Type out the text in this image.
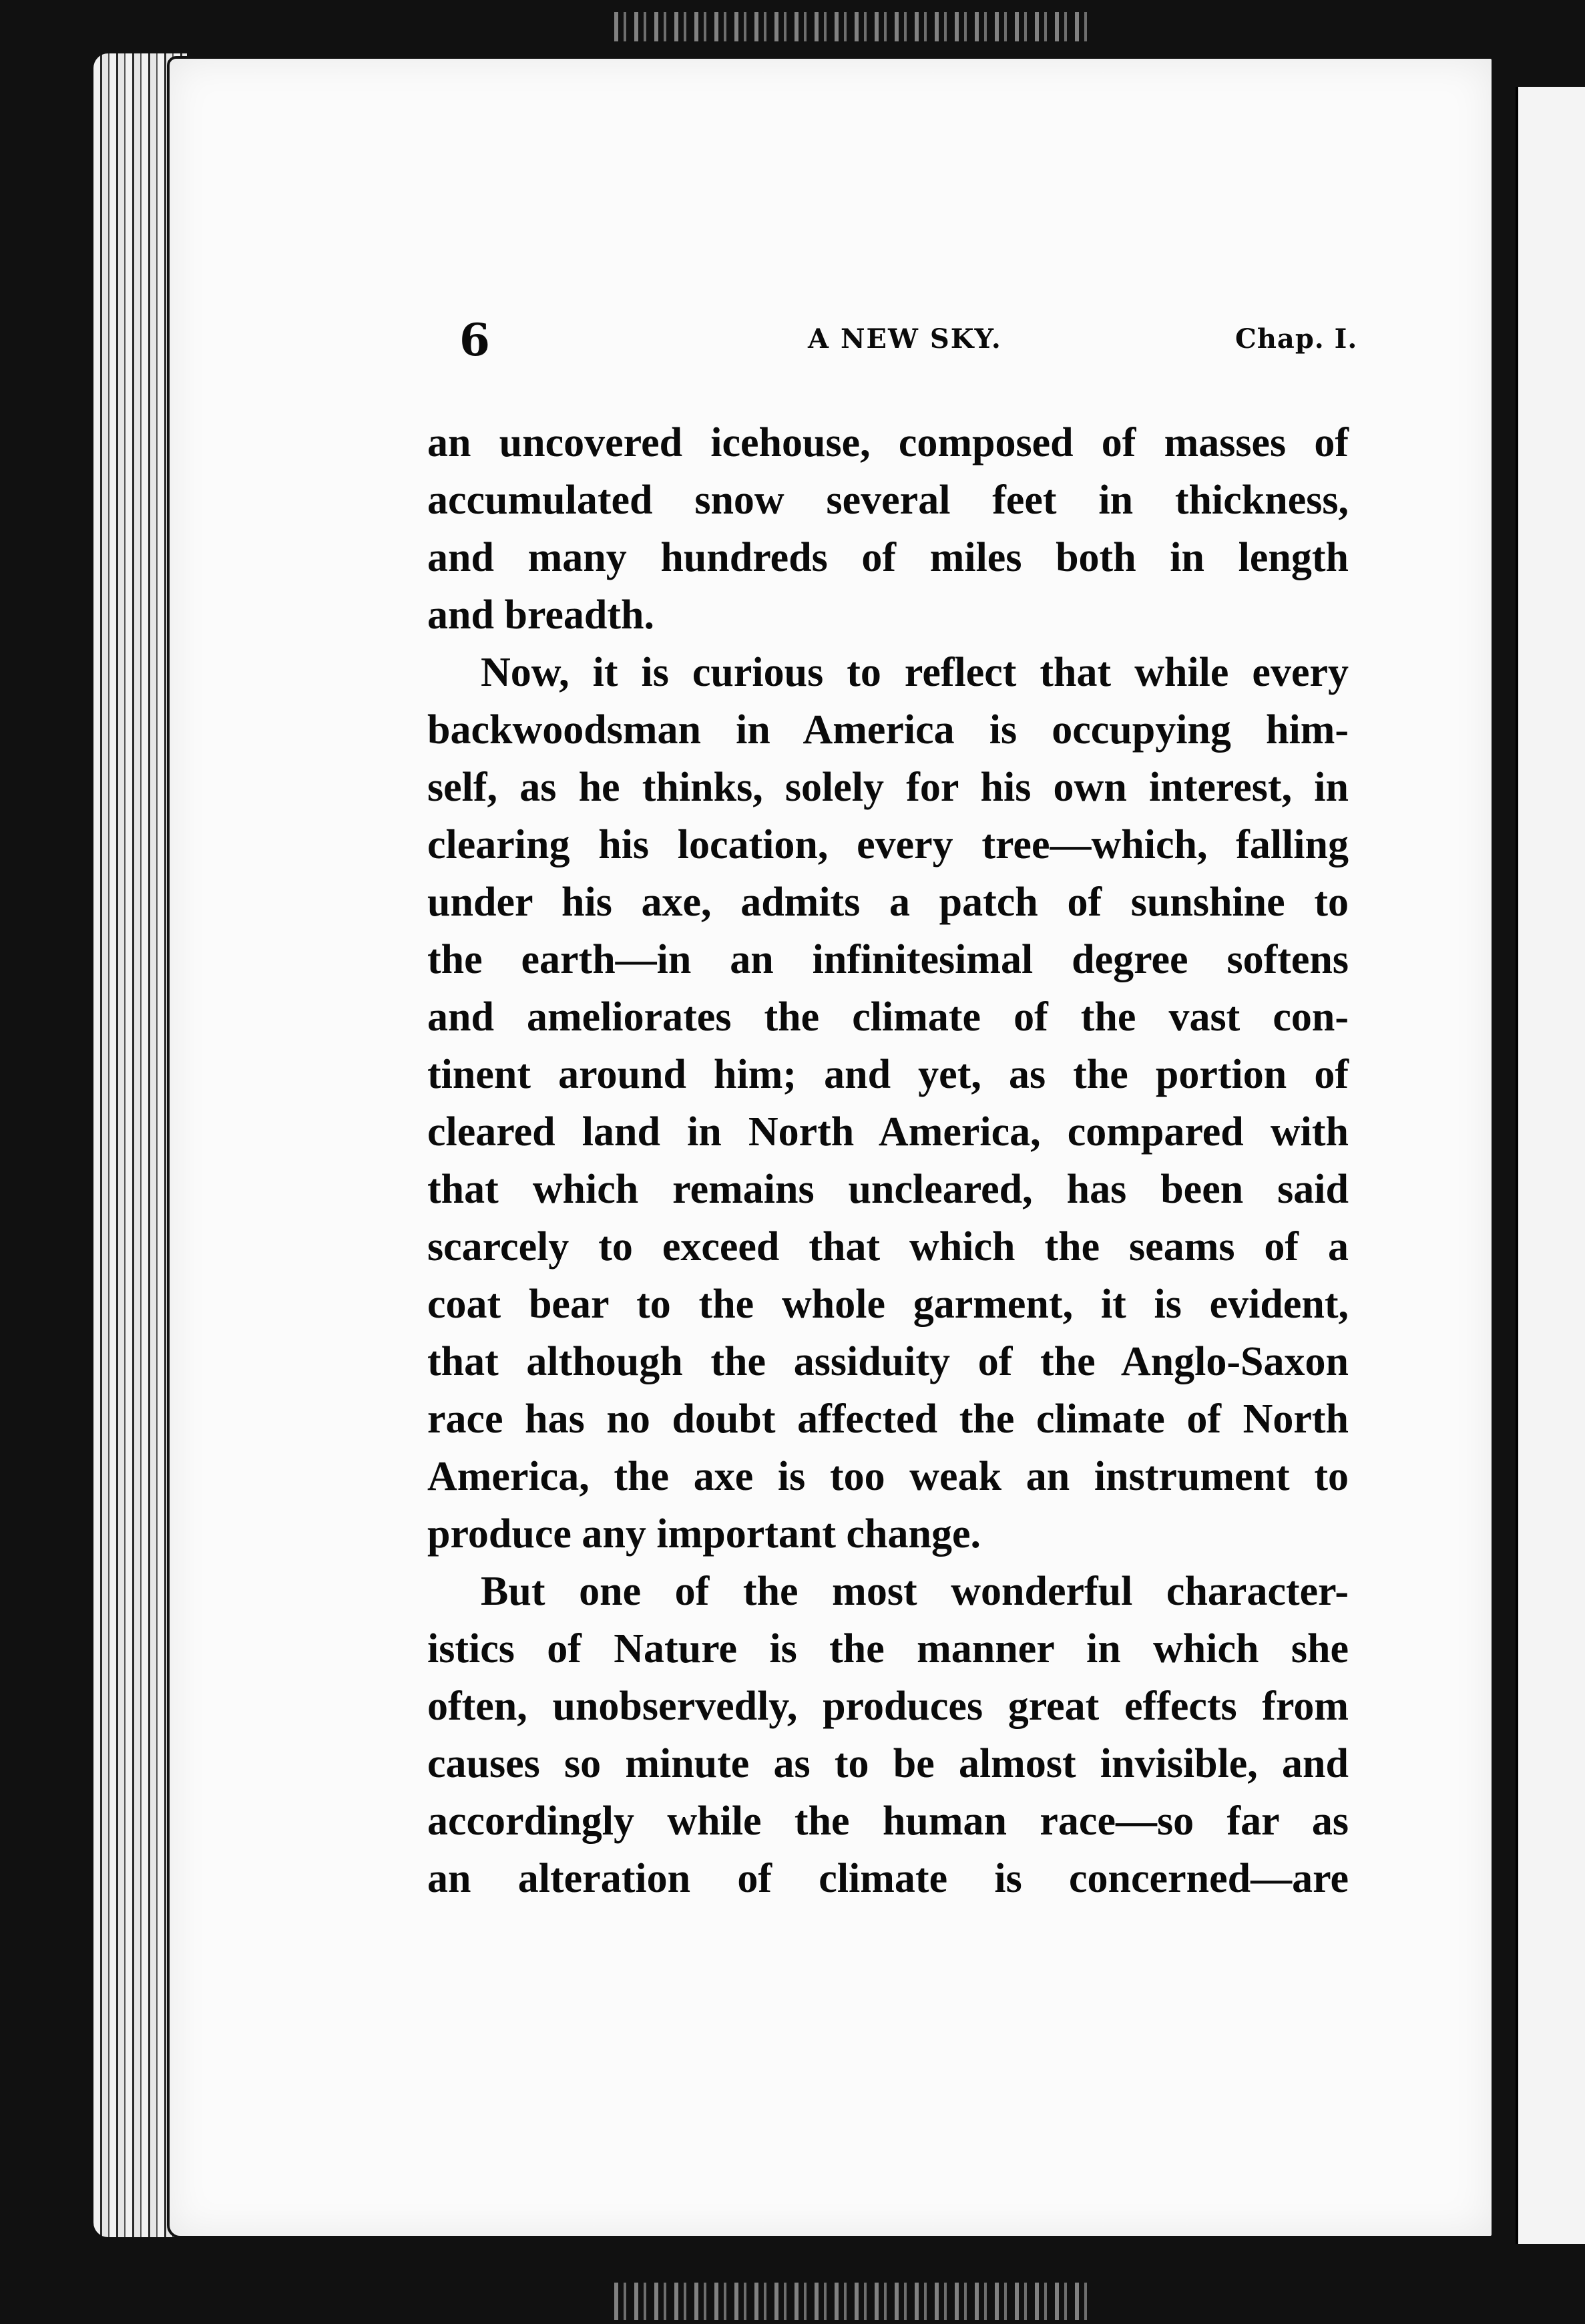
6	A NEW SKY.	Chap. I.

an uncovered icehouse, composed of masses of
accumulated snow several feet in thickness,
and many hundreds of miles both in length
and breadth.

Now, it is curious to reflect that while every
backwoodsman in America is occupying him-
self, as he thinks, solely for his own interest, in
clearing his location, every tree—which, falling
under his axe, admits a patch of sunshine to
the earth—in an infinitesimal degree softens
and ameliorates the climate of the vast con-
tinent around him; and yet, as the portion of
cleared land in North America, compared with
that which remains uncleared, has been said
scarcely to exceed that which the seams of a
coat bear to the whole garment, it is evident,
that although the assiduity of the Anglo-Saxon
race has no doubt affected the climate of North
America, the axe is too weak an instrument to
produce any important change.

But one of the most wonderful character-
istics of Nature is the manner in which she
often, unobservedly, produces great effects from
causes so minute as to be almost invisible, and
accordingly while the human race—so far as
an alteration of climate is concerned—are
